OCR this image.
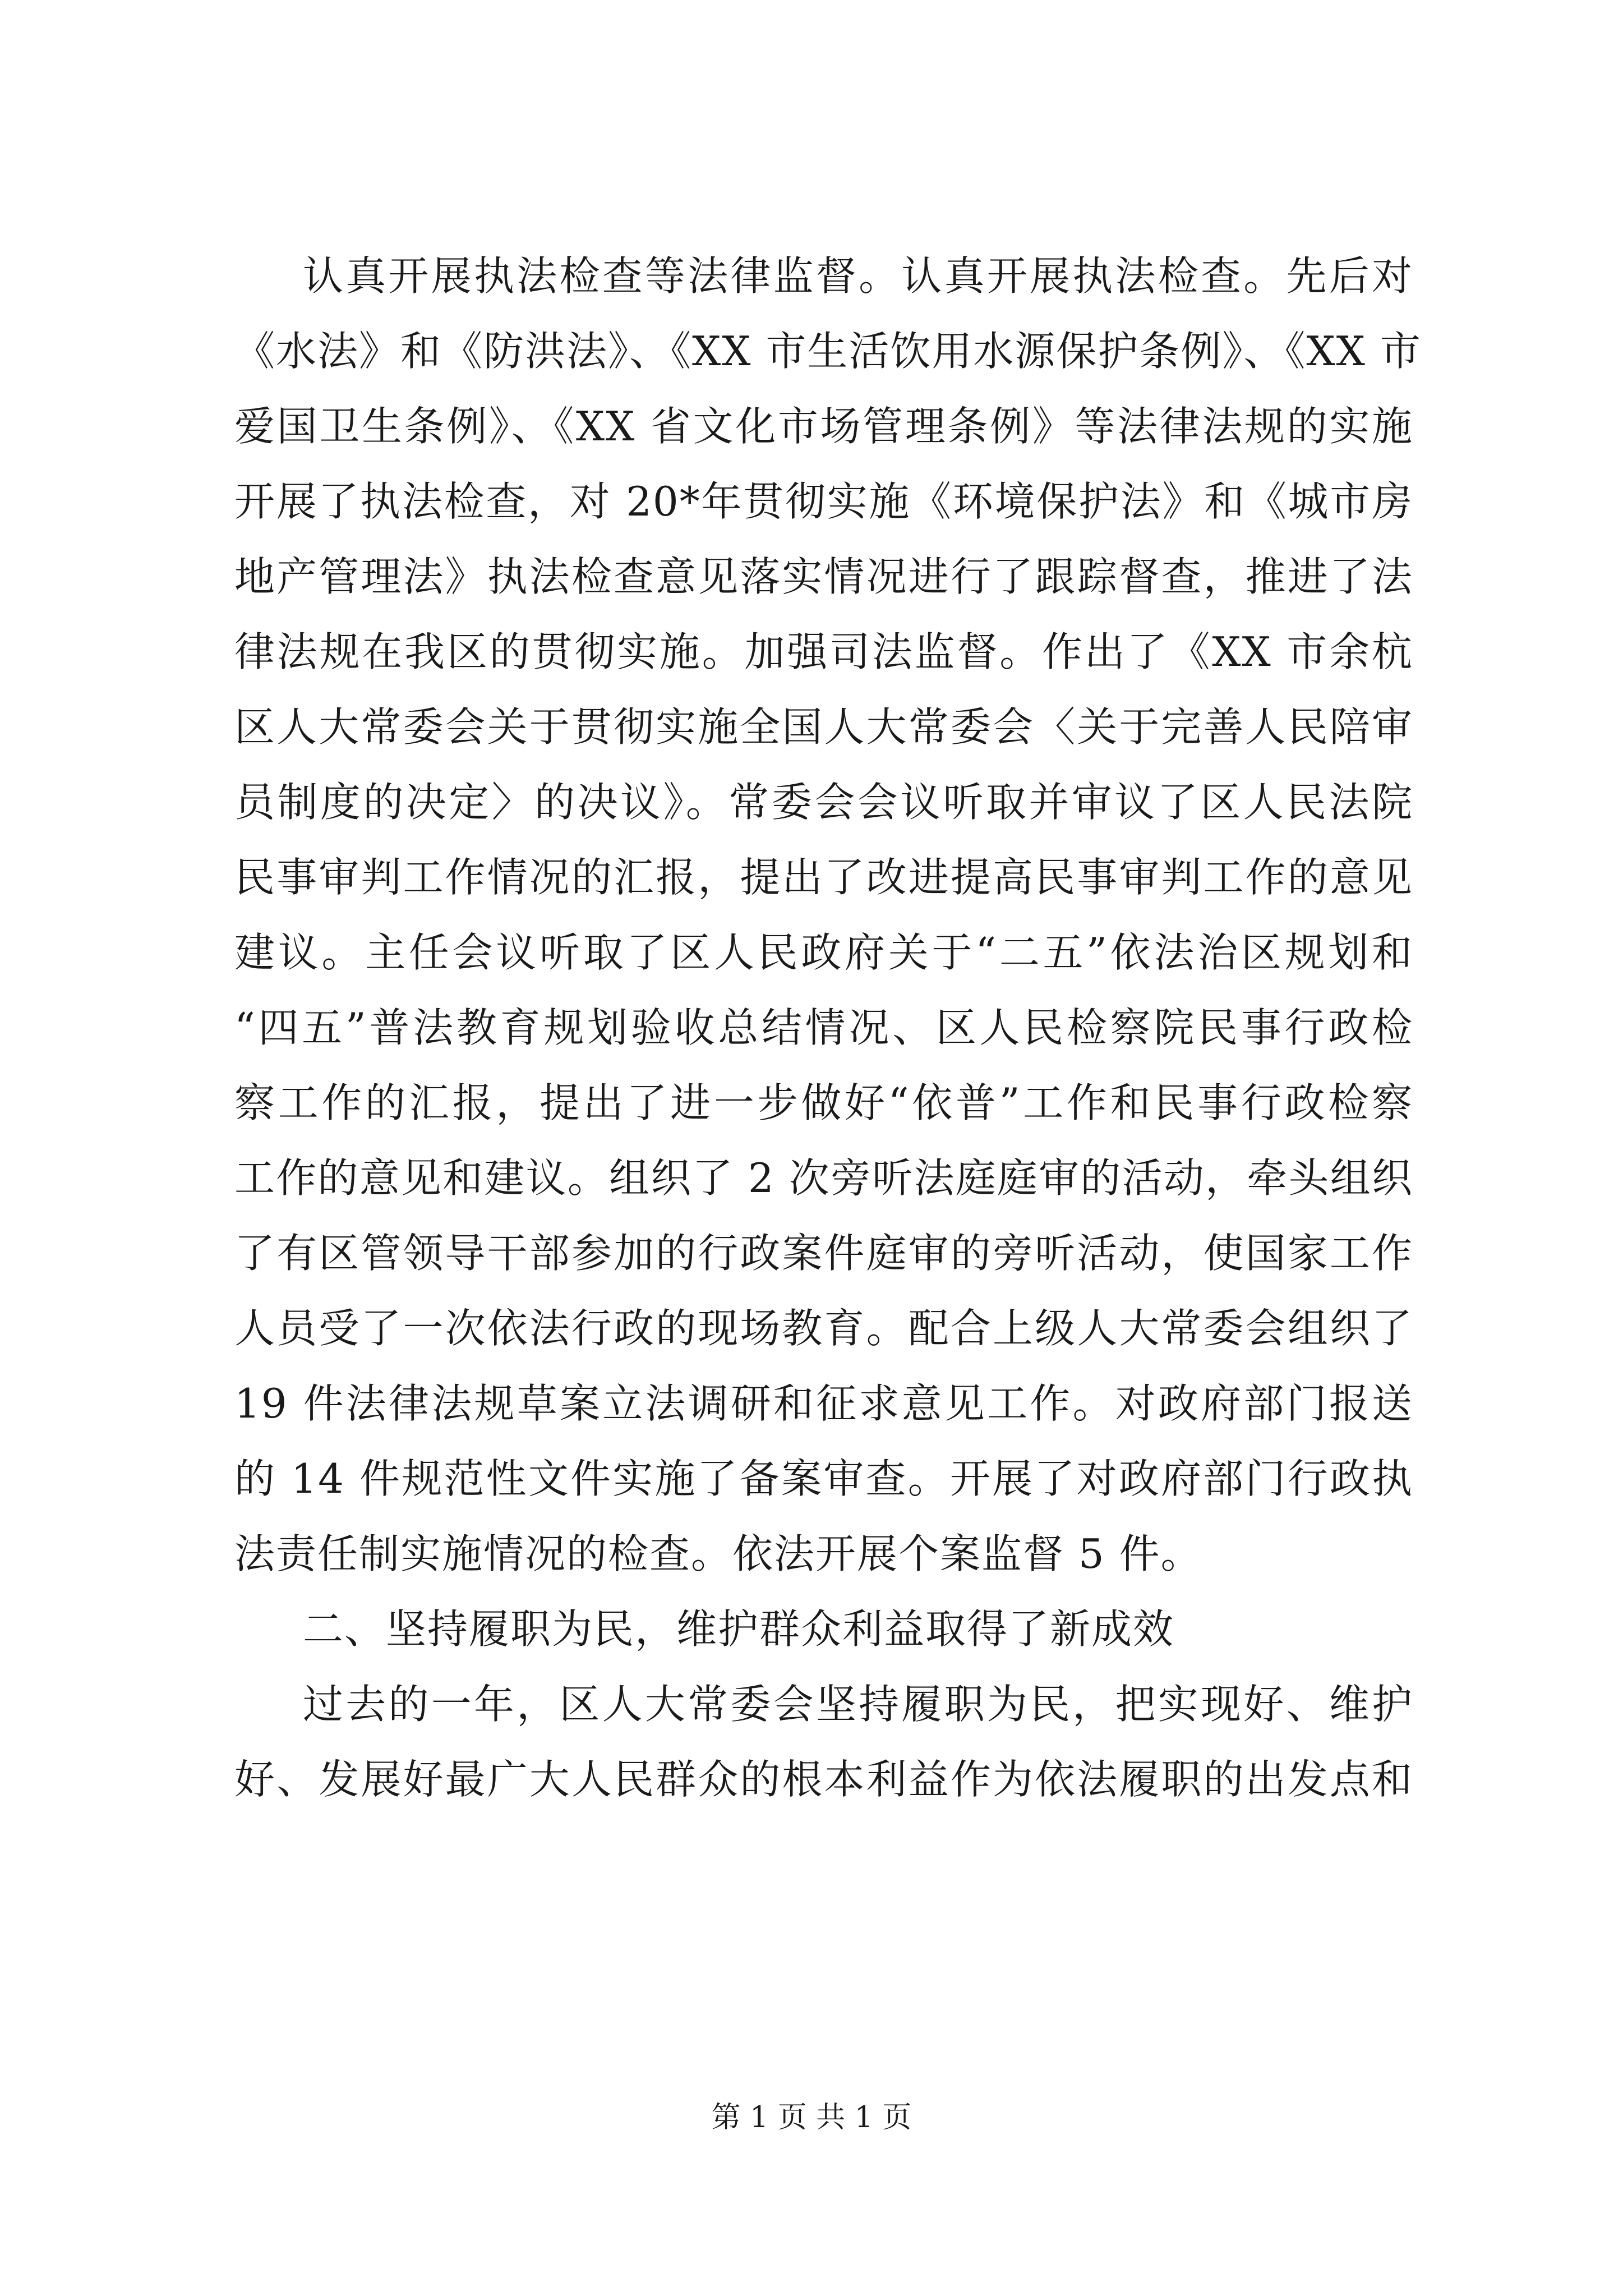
认真开展执法检查等法律监督。认真开展执法检查。先后对
《水法》和《防洪法》、《XX 市生活饮用水源保护条例》、《XX 市
爱国卫生条例》、《XX 省文化市场管理条例》等法律法规的实施
开展了执法检查，对 20*年贯彻实施《环境保护法》和《城市房
地产管理法》执法检查意见落实情况进行了跟踪督查，推进了法
律法规在我区的贯彻实施。加强司法监督。作出了《XX 市余杭
区人大常委会关于贯彻实施全国人大常委会〈关于完善人民陪审
员制度的决定〉的决议》。常委会会议听取并审议了区人民法院
民事审判工作情况的汇报，提出了改进提高民事审判工作的意见
建议。主任会议听取了区人民政府关于“二五”依法治区规划和
“四五”普法教育规划验收总结情况、区人民检察院民事行政检
察工作的汇报，提出了进一步做好“依普”工作和民事行政检察
工作的意见和建议。组织了 2 次旁听法庭庭审的活动，牵头组织
了有区管领导干部参加的行政案件庭审的旁听活动，使国家工作
人员受了一次依法行政的现场教育。配合上级人大常委会组织了
19 件法律法规草案立法调研和征求意见工作。对政府部门报送
的 14 件规范性文件实施了备案审查。开展了对政府部门行政执
法责任制实施情况的检查。依法开展个案监督 5 件。
二、坚持履职为民，维护群众利益取得了新成效
过去的一年，区人大常委会坚持履职为民，把实现好、维护
好、发展好最广大人民群众的根本利益作为依法履职的出发点和
第 1 页 共 1 页
